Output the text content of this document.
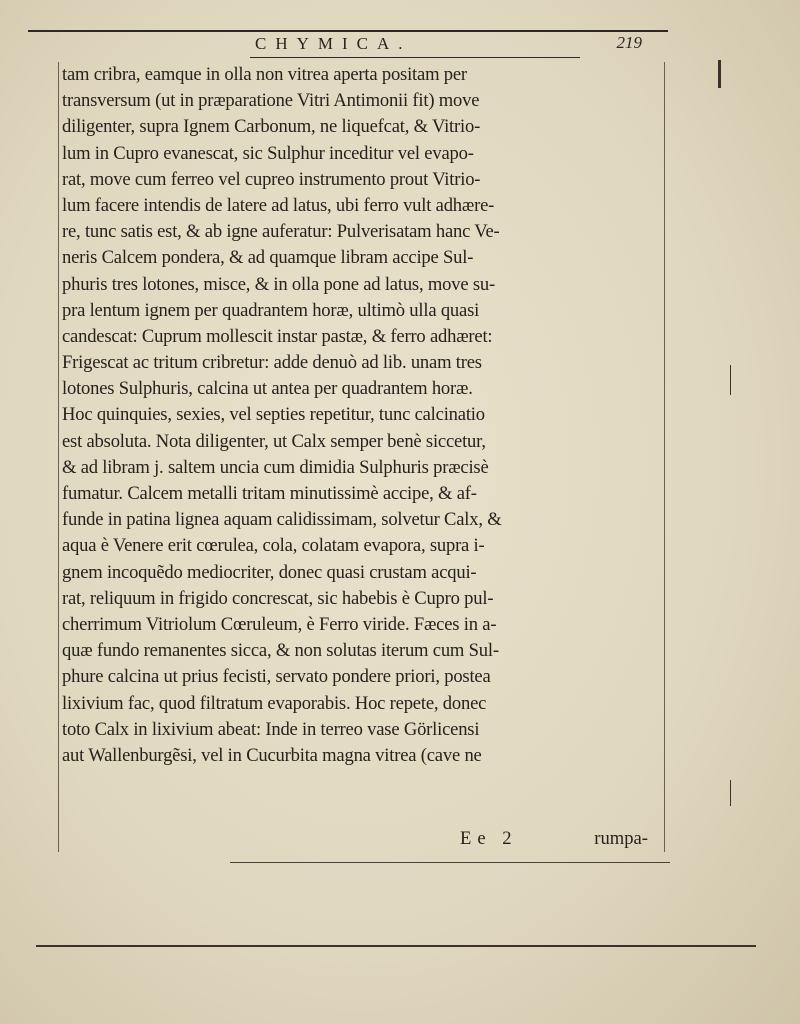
CHYMICA.	219
tam cribra, eamque in olla non vitrea aperta positam per
transversum (ut in præparatione Vitri Antimonii fit) move
diligenter, supra Ignem Carbonum, ne liquefcat, & Vitrio-
lum in Cupro evanescat, sic Sulphur inceditur vel evapo-
rat, move cum ferreo vel cupreo instrumento prout Vitrio-
lum facere intendis de latere ad latus, ubi ferro vult adhære-
re, tunc satis est, & ab igne auferatur: Pulverisatam hanc Ve-
neris Calcem pondera, & ad quamque libram accipe Sul-
phuris tres lotones, misce, & in olla pone ad latus, move su-
pra lentum ignem per quadrantem horæ, ultimò ulla quasi
candescat: Cuprum mollescit instar pastæ, & ferro adhæret:
Frigescat ac tritum cribretur: adde denuò ad lib. unam tres
lotones Sulphuris, calcina ut antea per quadrantem horæ.
Hoc quinquies, sexies, vel septies repetitur, tunc calcinatio
est absoluta. Nota diligenter, ut Calx semper benè siccetur,
& ad libram j. saltem uncia cum dimidia Sulphuris præcisè
fumatur. Calcem metalli tritam minutissimè accipe, & af-
funde in patina lignea aquam calidissimam, solvetur Calx, &
aqua è Venere erit cœrulea, cola, colatam evapora, supra i-
gnem incoquẽdo mediocriter, donec quasi crustam acqui-
rat, reliquum in frigido concrescat, sic habebis è Cupro pul-
cherrimum Vitriolum Cœruleum, è Ferro viride. Fæces in a-
quæ fundo remanentes sicca, & non solutas iterum cum Sul-
phure calcina ut prius fecisti, servato pondere priori, postea
lixivium fac, quod filtratum evaporabis. Hoc repete, donec
toto Calx in lixivium abeat: Inde in terreo vase Görlicensi
aut Wallenburgẽsi, vel in Cucurbita magna vitrea (cave ne
Ee 2	rumpa-
